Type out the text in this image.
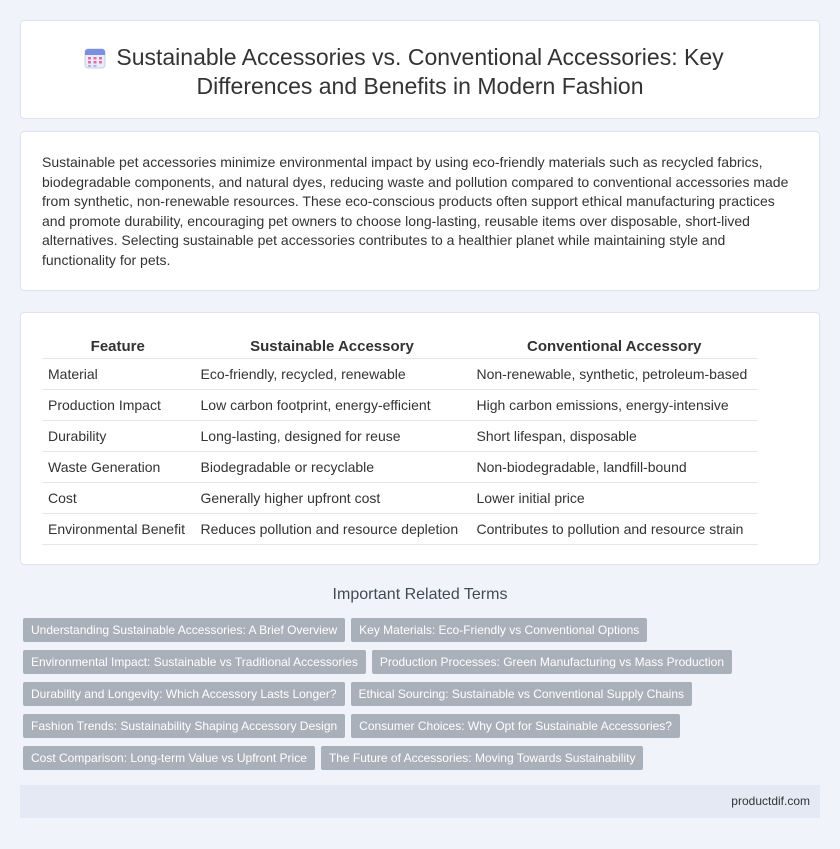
Sustainable Accessories vs. Conventional Accessories: Key Differences and Benefits in Modern Fashion

Sustainable pet accessories minimize environmental impact by using eco-friendly materials such as recycled fabrics, biodegradable components, and natural dyes, reducing waste and pollution compared to conventional accessories made from synthetic, non-renewable resources. These eco-conscious products often support ethical manufacturing practices and promote durability, encouraging pet owners to choose long-lasting, reusable items over disposable, short-lived alternatives. Selecting sustainable pet accessories contributes to a healthier planet while maintaining style and functionality for pets.

Feature	Sustainable Accessory	Conventional Accessory
Material	Eco-friendly, recycled, renewable	Non-renewable, synthetic, petroleum-based
Production Impact	Low carbon footprint, energy-efficient	High carbon emissions, energy-intensive
Durability	Long-lasting, designed for reuse	Short lifespan, disposable
Waste Generation	Biodegradable or recyclable	Non-biodegradable, landfill-bound
Cost	Generally higher upfront cost	Lower initial price
Environmental Benefit	Reduces pollution and resource depletion	Contributes to pollution and resource strain
Important Related Terms
Understanding Sustainable Accessories: A Brief Overview	Key Materials: Eco-Friendly vs Conventional Options
Environmental Impact: Sustainable vs Traditional Accessories	Production Processes: Green Manufacturing vs Mass Production
Durability and Longevity: Which Accessory Lasts Longer?	Ethical Sourcing: Sustainable vs Conventional Supply Chains
Fashion Trends: Sustainability Shaping Accessory Design	Consumer Choices: Why Opt for Sustainable Accessories?
Cost Comparison: Long-term Value vs Upfront Price	The Future of Accessories: Moving Towards Sustainability
productdif.com
